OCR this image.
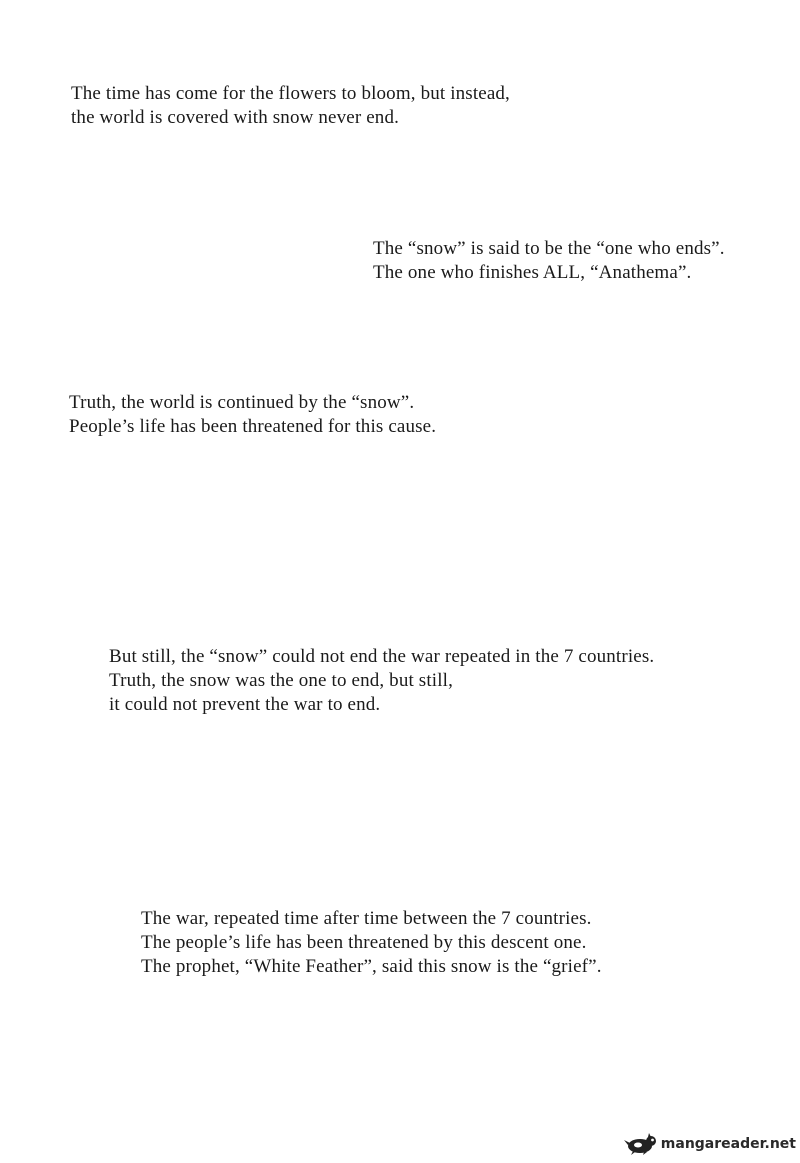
The time has come for the flowers to bloom, but instead,
the world is covered with snow never end.

The “snow” is said to be the “one who ends”.
The one who finishes ALL, “Anathema”.

Truth, the world is continued by the “snow”.
People’s life has been threatened for this cause.

But still, the “snow” could not end the war repeated in the 7 countries.
Truth, the snow was the one to end, but still,
it could not prevent the war to end.

The war, repeated time after time between the 7 countries.
The people’s life has been threatened by this descent one.
The prophet, “White Feather”, said this snow is the “grief”.

mangareader.net
